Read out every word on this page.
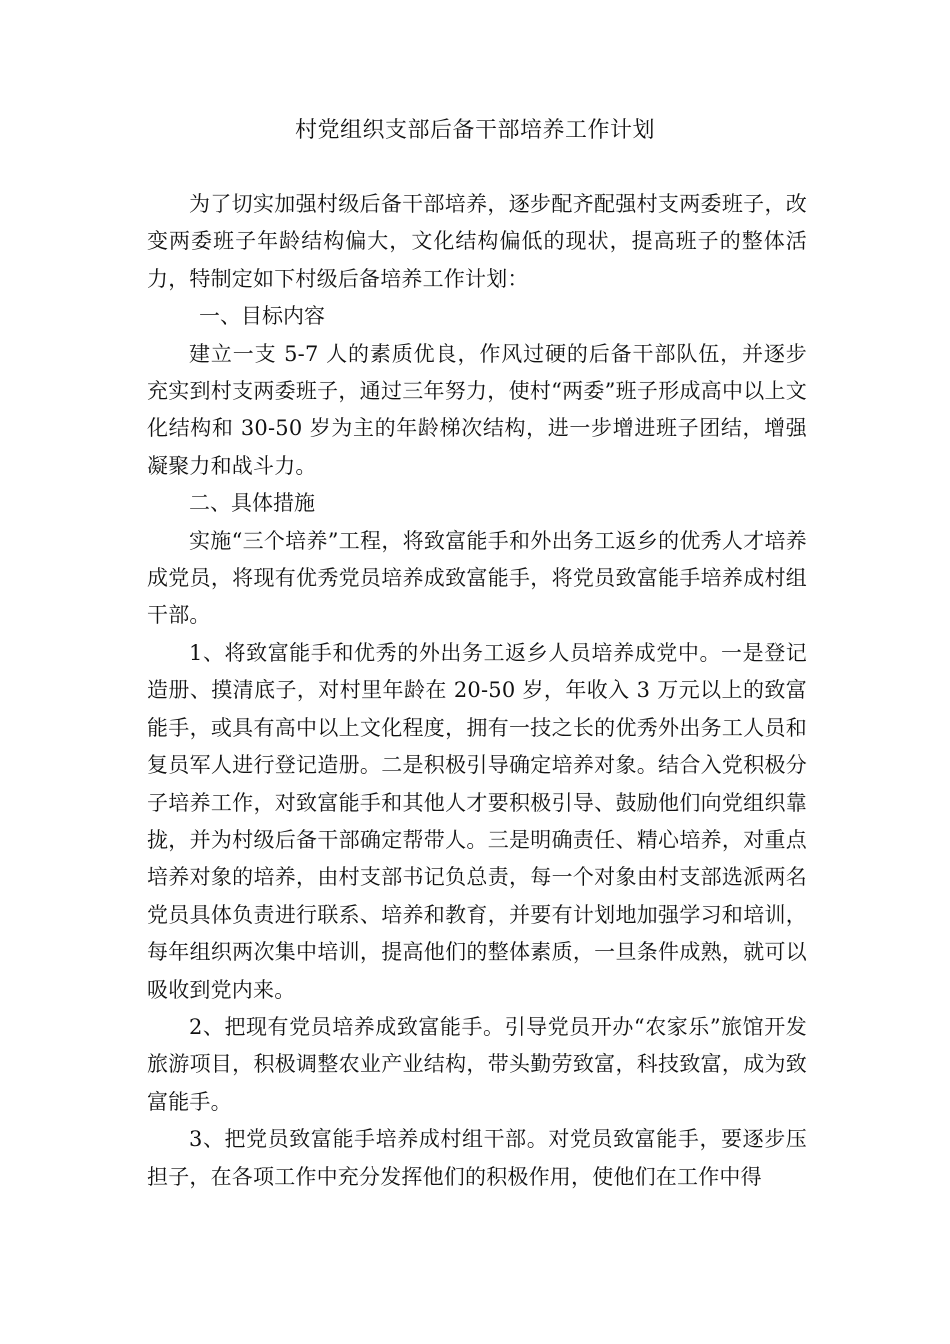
村党组织支部后备干部培养工作计划

为了切实加强村级后备干部培养，逐步配齐配强村支两委班子，改变两委班子年龄结构偏大，文化结构偏低的现状，提高班子的整体活力，特制定如下村级后备培养工作计划：

一、目标内容

建立一支 5-7 人的素质优良，作风过硬的后备干部队伍，并逐步充实到村支两委班子，通过三年努力，使村“两委”班子形成高中以上文化结构和 30-50 岁为主的年龄梯次结构，进一步增进班子团结，增强凝聚力和战斗力。

二、具体措施

实施“三个培养”工程，将致富能手和外出务工返乡的优秀人才培养成党员，将现有优秀党员培养成致富能手，将党员致富能手培养成村组干部。

1、将致富能手和优秀的外出务工返乡人员培养成党中。一是登记造册、摸清底子，对村里年龄在 20-50 岁，年收入 3 万元以上的致富能手，或具有高中以上文化程度，拥有一技之长的优秀外出务工人员和复员军人进行登记造册。二是积极引导确定培养对象。结合入党积极分子培养工作，对致富能手和其他人才要积极引导、鼓励他们向党组织靠拢，并为村级后备干部确定帮带人。三是明确责任、精心培养，对重点培养对象的培养，由村支部书记负总责，每一个对象由村支部选派两名党员具体负责进行联系、培养和教育，并要有计划地加强学习和培训，每年组织两次集中培训，提高他们的整体素质，一旦条件成熟，就可以吸收到党内来。

2、把现有党员培养成致富能手。引导党员开办“农家乐”旅馆开发旅游项目，积极调整农业产业结构，带头勤劳致富，科技致富，成为致富能手。

3、把党员致富能手培养成村组干部。对党员致富能手，要逐步压担子，在各项工作中充分发挥他们的积极作用，使他们在工作中得
